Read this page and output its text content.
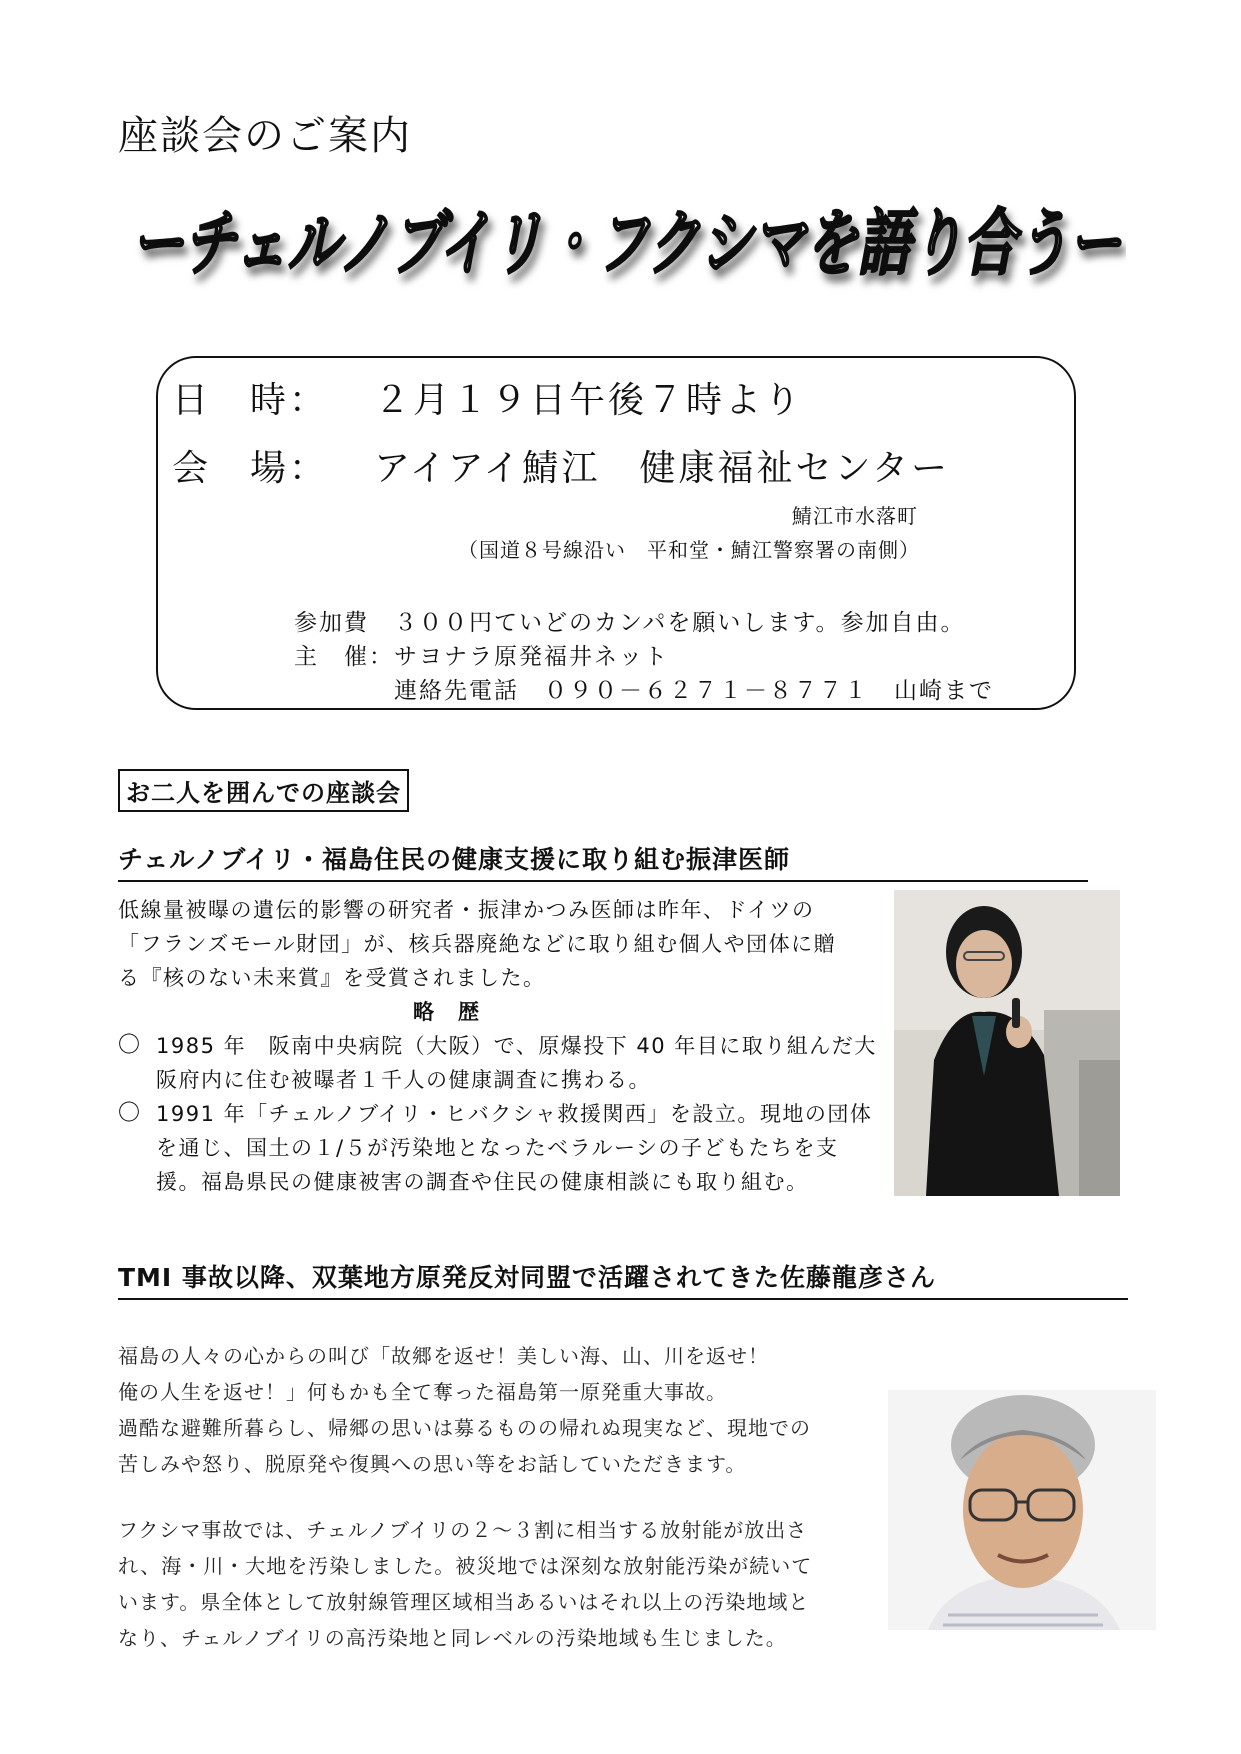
座談会のご案内
ーチェルノブイリ・フクシマを語り合うー
日　時： ２月１９日午後７時より
会　場： アイアイ鯖江　健康福祉センター
鯖江市水落町
（国道８号線沿い　平和堂・鯖江警察署の南側）
参加費　３００円ていどのカンパを願いします。参加自由。
主　催：サヨナラ原発福井ネット
連絡先電話　０９０－６２７１－８７７１　山崎まで
お二人を囲んでの座談会
チェルノブイリ・福島住民の健康支援に取り組む振津医師

低線量被曝の遺伝的影響の研究者・振津かつみ医師は昨年、ドイツの

「フランズモール財団」が、核兵器廃絶などに取り組む個人や団体に贈

る『核のない未来賞』を受賞されました。

略　歴

〇 1985 年　阪南中央病院（大阪）で、原爆投下 40 年目に取り組んだ大

阪府内に住む被曝者１千人の健康調査に携わる。

〇 1991 年「チェルノブイリ・ヒバクシャ救援関西」を設立。現地の団体

を通じ、国土の１/５が汚染地となったベラルーシの子どもたちを支

援。福島県民の健康被害の調査や住民の健康相談にも取り組む。

TMI 事故以降、双葉地方原発反対同盟で活躍されてきた佐藤龍彦さん

福島の人々の心からの叫び「故郷を返せ！美しい海、山、川を返せ！

俺の人生を返せ！」何もかも全て奪った福島第一原発重大事故。

過酷な避難所暮らし、帰郷の思いは募るものの帰れぬ現実など、現地での

苦しみや怒り、脱原発や復興への思い等をお話していただきます。

フクシマ事故では、チェルノブイリの２～３割に相当する放射能が放出さ

れ、海・川・大地を汚染しました。被災地では深刻な放射能汚染が続いて

います。県全体として放射線管理区域相当あるいはそれ以上の汚染地域と

なり、チェルノブイリの高汚染地と同レベルの汚染地域も生じました。
